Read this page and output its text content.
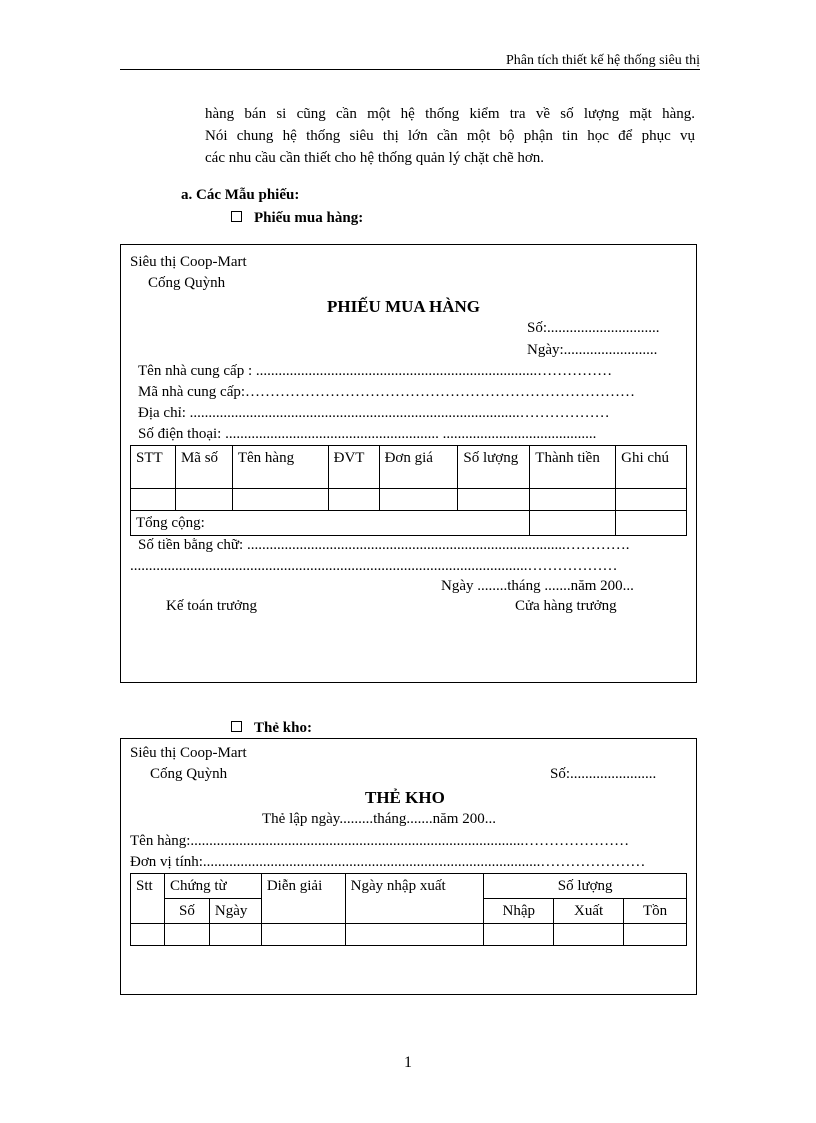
Phân tích thiết kế hệ thống siêu thị
hàng bán si cũng cần một hệ thống kiểm tra về số lượng mặt hàng.
Nói chung hệ thống siêu thị lớn cần một bộ phận tin học để phục vụ
các nhu cầu cần thiết cho hệ thống quản lý chặt chẽ hơn.
a. Các Mẫu phiếu:
Phiếu mua hàng:
Siêu thị Coop-Mart
Cống Quỳnh
PHIẾU MUA HÀNG
Số:..............................
Ngày:.........................
Tên nhà cung cấp : ...........................................................................……………
Mã nhà cung cấp:……………………………………………………………………
Địa chỉ: ........................................................................................………………
Số điện thoại: ......................................................... .........................................
STT	Mã số	Tên hàng	ĐVT	Đơn giá	Số lượng	Thành tiền	Ghi chú

Tổng cộng:							
Số tiền bằng chữ: .....................................................................................………….
..........................................................................................................………………
Ngày ........tháng .......năm 200...
Kế toán trưởng	Cửa hàng trưởng
Thẻ kho:
Siêu thị Coop-Mart
Cống Quỳnh	Số:.......................
THẺ KHO
Thẻ lập ngày.........tháng.......năm 200...
Tên hàng:.........................................................................................…………………
Đơn vị tính:..........................................................................................…………………
Stt	Chứng từ		Diễn giải	Ngày nhập xuất	Số lượng		
	Số	Ngày			Nhập	Xuất	Tồn

1
